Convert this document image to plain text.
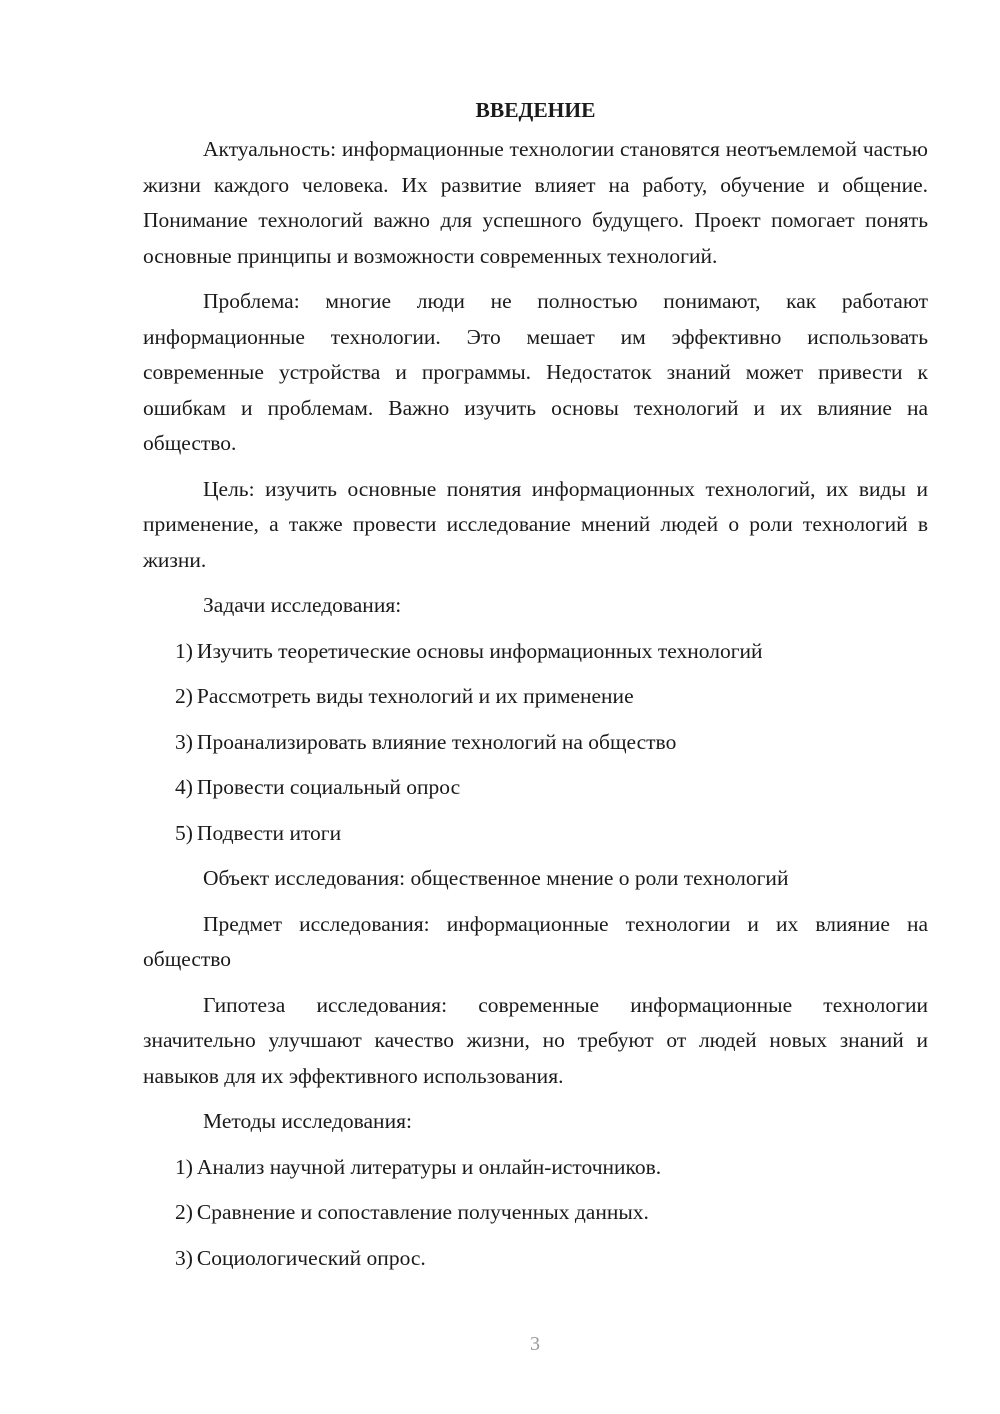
ВВЕДЕНИЕ

Актуальность: информационные технологии становятся неотъемлемой частью жизни каждого человека. Их развитие влияет на работу, обучение и общение. Понимание технологий важно для успешного будущего. Проект помогает понять основные принципы и возможности современных технологий.

Проблема: многие люди не полностью понимают, как работают информационные технологии. Это мешает им эффективно использовать современные устройства и программы. Недостаток знаний может привести к ошибкам и проблемам. Важно изучить основы технологий и их влияние на общество.

Цель: изучить основные понятия информационных технологий, их виды и применение, а также провести исследование мнений людей о роли технологий в жизни.

Задачи исследования:

1) Изучить теоретические основы информационных технологий

2) Рассмотреть виды технологий и их применение

3) Проанализировать влияние технологий на общество

4) Провести социальный опрос

5) Подвести итоги

Объект исследования: общественное мнение о роли технологий

Предмет исследования: информационные технологии и их влияние на общество

Гипотеза исследования: современные информационные технологии значительно улучшают качество жизни, но требуют от людей новых знаний и навыков для их эффективного использования.

Методы исследования:

1) Анализ научной литературы и онлайн-источников.

2) Сравнение и сопоставление полученных данных.

3) Социологический опрос.

3
